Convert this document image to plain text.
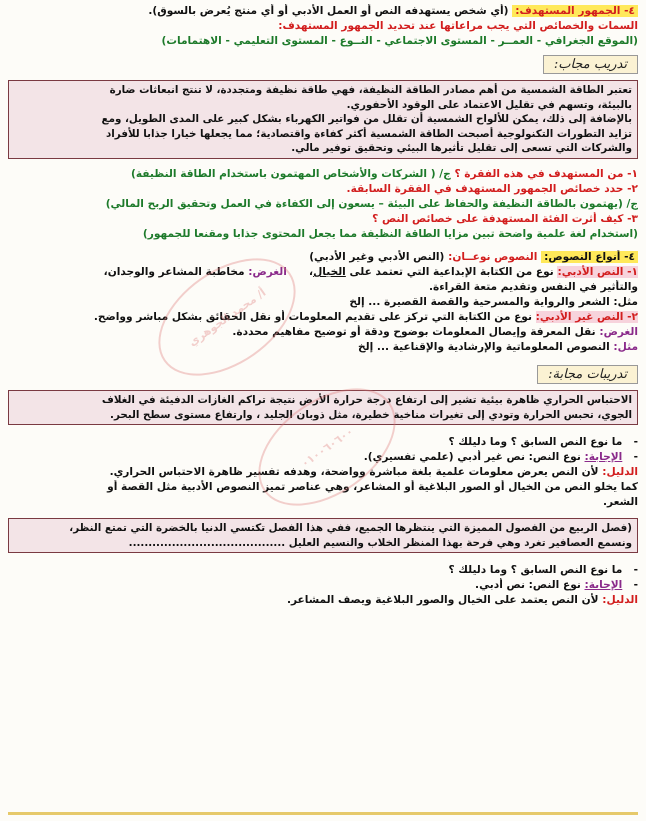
أ/ محمد الجوهري
٠١٠٠٦٠٦٠٠
٤- الجمهور المستهدف: (أي شخص يستهدفه النص أو العمل الأدبي أو أي منتج يُعرض بالسوق).
السمات والخصائص التي يجب مراعاتها عند تحديد الجمهور المستهدف:
(الموقع الجغرافي - العمــر - المستوى الاجتماعي - النــوع - المستوى التعليمي - الاهتمامات)
تدريب مجاب:
تعتبر الطاقة الشمسية من أهم مصادر الطاقة النظيفة، فهي طاقة نظيفة ومتجددة، لا تنتج انبعاثات ضارة
بالبيئة، وتسهم في تقليل الاعتماد على الوقود الأحفوري.
بالإضافة إلى ذلك، يمكن للألواح الشمسية أن تقلل من فواتير الكهرباء بشكل كبير على المدى الطويل، ومع
تزايد التطورات التكنولوجية أصبحت الطاقة الشمسية أكثر كفاءة واقتصادية؛ مما يجعلها خيارا جذابا للأفراد
والشركات التي تسعى إلى تقليل تأثيرها البيئي وتحقيق توفير مالي.
١- من المستهدف في هذه الفقرة ؟ ج/ ( الشركات والأشخاص المهتمون باستخدام الطاقة النظيفة)
٢- حدد خصائص الجمهور المستهدف في الفقرة السابقة.
ج/ (يهتمون بالطاقة النظيفة والحفاظ على البيئة – يسعون إلى الكفاءة في العمل وتحقيق الربح المالي)
٣- كيف أثرت الفئة المستهدفة على خصائص النص ؟
(استخدام لغة علمية واضحة تبين مزايا الطاقة النظيفة مما يجعل المحتوى جذابا ومقنعا للجمهور)
٤- أنواع النصوص: النصوص نوعــان: (النص الأدبي وغير الأدبي)
١- النص الأدبي: نوع من الكتابة الإبداعية التي تعتمد على الخيال،      الغرض: مخاطبة المشاعر والوجدان،
والتأثير في النفس وتقديم متعة القراءة.
مثل: الشعر والرواية والمسرحية والقصة القصيرة ... إلخ
٢- النص غير الأدبي: نوع من الكتابة التي تركز على تقديم المعلومات أو نقل الحقائق بشكل مباشر وواضح.
الغرض: نقل المعرفة وإيصال المعلومات بوضوح ودقة أو توضيح مفاهيم محددة.
مثل: النصوص المعلوماتية والإرشادية والإقناعية ... إلخ
تدريبات مجابة:
الاحتباس الحراري ظاهرة بيئية تشير إلى ارتفاع درجة حرارة الأرض نتيجة تراكم الغازات الدفيئة في الغلاف
الجوي، تحبس الحرارة وتودي إلى تغيرات مناخية خطيرة، مثل ذوبان الجليد ، وارتفاع مستوى سطح البحر.
- ما نوع النص السابق ؟ وما دليلك ؟
- الإجابة: نوع النص: نص غير أدبي (علمي تفسيري).
الدليل: لأن النص يعرض معلومات علمية بلغة مباشرة وواضحة، وهدفه تفسير ظاهرة الاحتباس الحراري.
كما يخلو النص من الخيال أو الصور البلاغية أو المشاعر، وهي عناصر تميز النصوص الأدبية مثل القصة أو
الشعر.
(فصل الربيع من الفصول المميزة التي ينتظرها الجميع، ففي هذا الفصل تكتسي الدنيا بالخضرة التي تمتع النظر،
ونسمع العصافير تغرد وهي فرحة بهذا المنظر الخلاب والنسيم العليل ........................................
- ما نوع النص السابق ؟ وما دليلك ؟
- الإجابة: نوع النص: نص أدبي.
الدليل: لأن النص يعتمد على الخيال والصور البلاغية ويصف المشاعر.
